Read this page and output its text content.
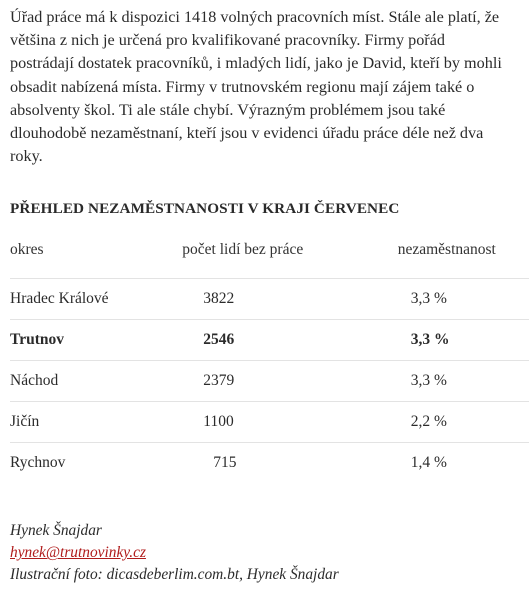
Úřad práce má k dispozici 1418 volných pracovních míst. Stále ale platí, že většina z nich je určená pro kvalifikované pracovníky. Firmy pořád postrádají dostatek pracovníků, i mladých lidí, jako je David, kteří by mohli obsadit nabízená místa. Firmy v trutnovském regionu mají zájem také o absolventy škol. Ti ale stále chybí. Výrazným problémem jsou také dlouhodobě nezaměstnaní, kteří jsou v evidenci úřadu práce déle než dva roky.

PŘEHLED NEZAMĚSTNANOSTI V KRAJI ČERVENEC
okres	počet lidí bez práce	nezaměstnanost
Hradec Králové	3822	3,3 %
Trutnov	2546	3,3 %
Náchod	2379	3,3 %
Jičín	1100	2,2 %
Rychnov	715	1,4 %
Hynek Šnajdar
hynek@trutnovinky.cz
Ilustrační foto: dicasdeberlim.com.bt, Hynek Šnajdar
